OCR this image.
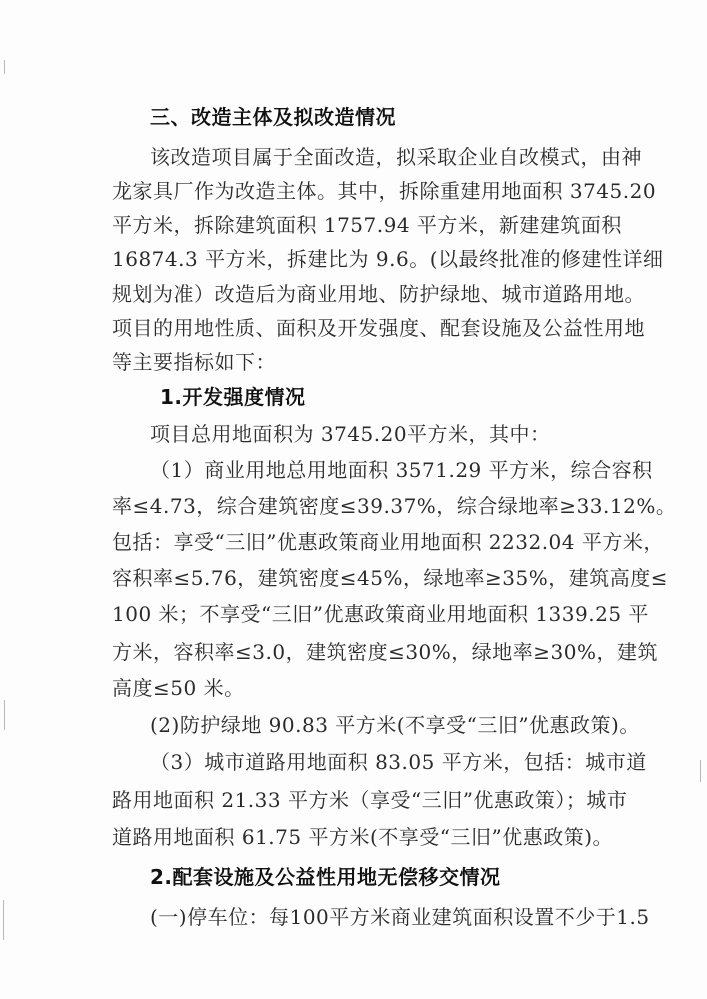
三、改造主体及拟改造情况
该改造项目属于全面改造，拟采取企业自改模式，由神
龙家具厂作为改造主体。其中，拆除重建用地面积 3745.20
平方米，拆除建筑面积 1757.94 平方米，新建建筑面积
16874.3 平方米，拆建比为 9.6。(以最终批准的修建性详细
规划为准）改造后为商业用地、防护绿地、城市道路用地。
项目的用地性质、面积及开发强度、配套设施及公益性用地
等主要指标如下：
1.开发强度情况
项目总用地面积为 3745.20平方米，其中：
（1）商业用地总用地面积 3571.29 平方米，综合容积
率≤4.73，综合建筑密度≤39.37%，综合绿地率≥33.12%。
包括：享受“三旧”优惠政策商业用地面积 2232.04 平方米，
容积率≤5.76，建筑密度≤45%，绿地率≥35%，建筑高度≤
100 米；不享受“三旧”优惠政策商业用地面积 1339.25 平
方米，容积率≤3.0，建筑密度≤30%，绿地率≥30%，建筑
高度≤50 米。
(2)防护绿地 90.83 平方米(不享受“三旧”优惠政策)。
（3）城市道路用地面积 83.05 平方米，包括：城市道
路用地面积 21.33 平方米（享受“三旧”优惠政策）；城市
道路用地面积 61.75 平方米(不享受“三旧”优惠政策)。
2.配套设施及公益性用地无偿移交情况
(一)停车位：每100平方米商业建筑面积设置不少于1.5
